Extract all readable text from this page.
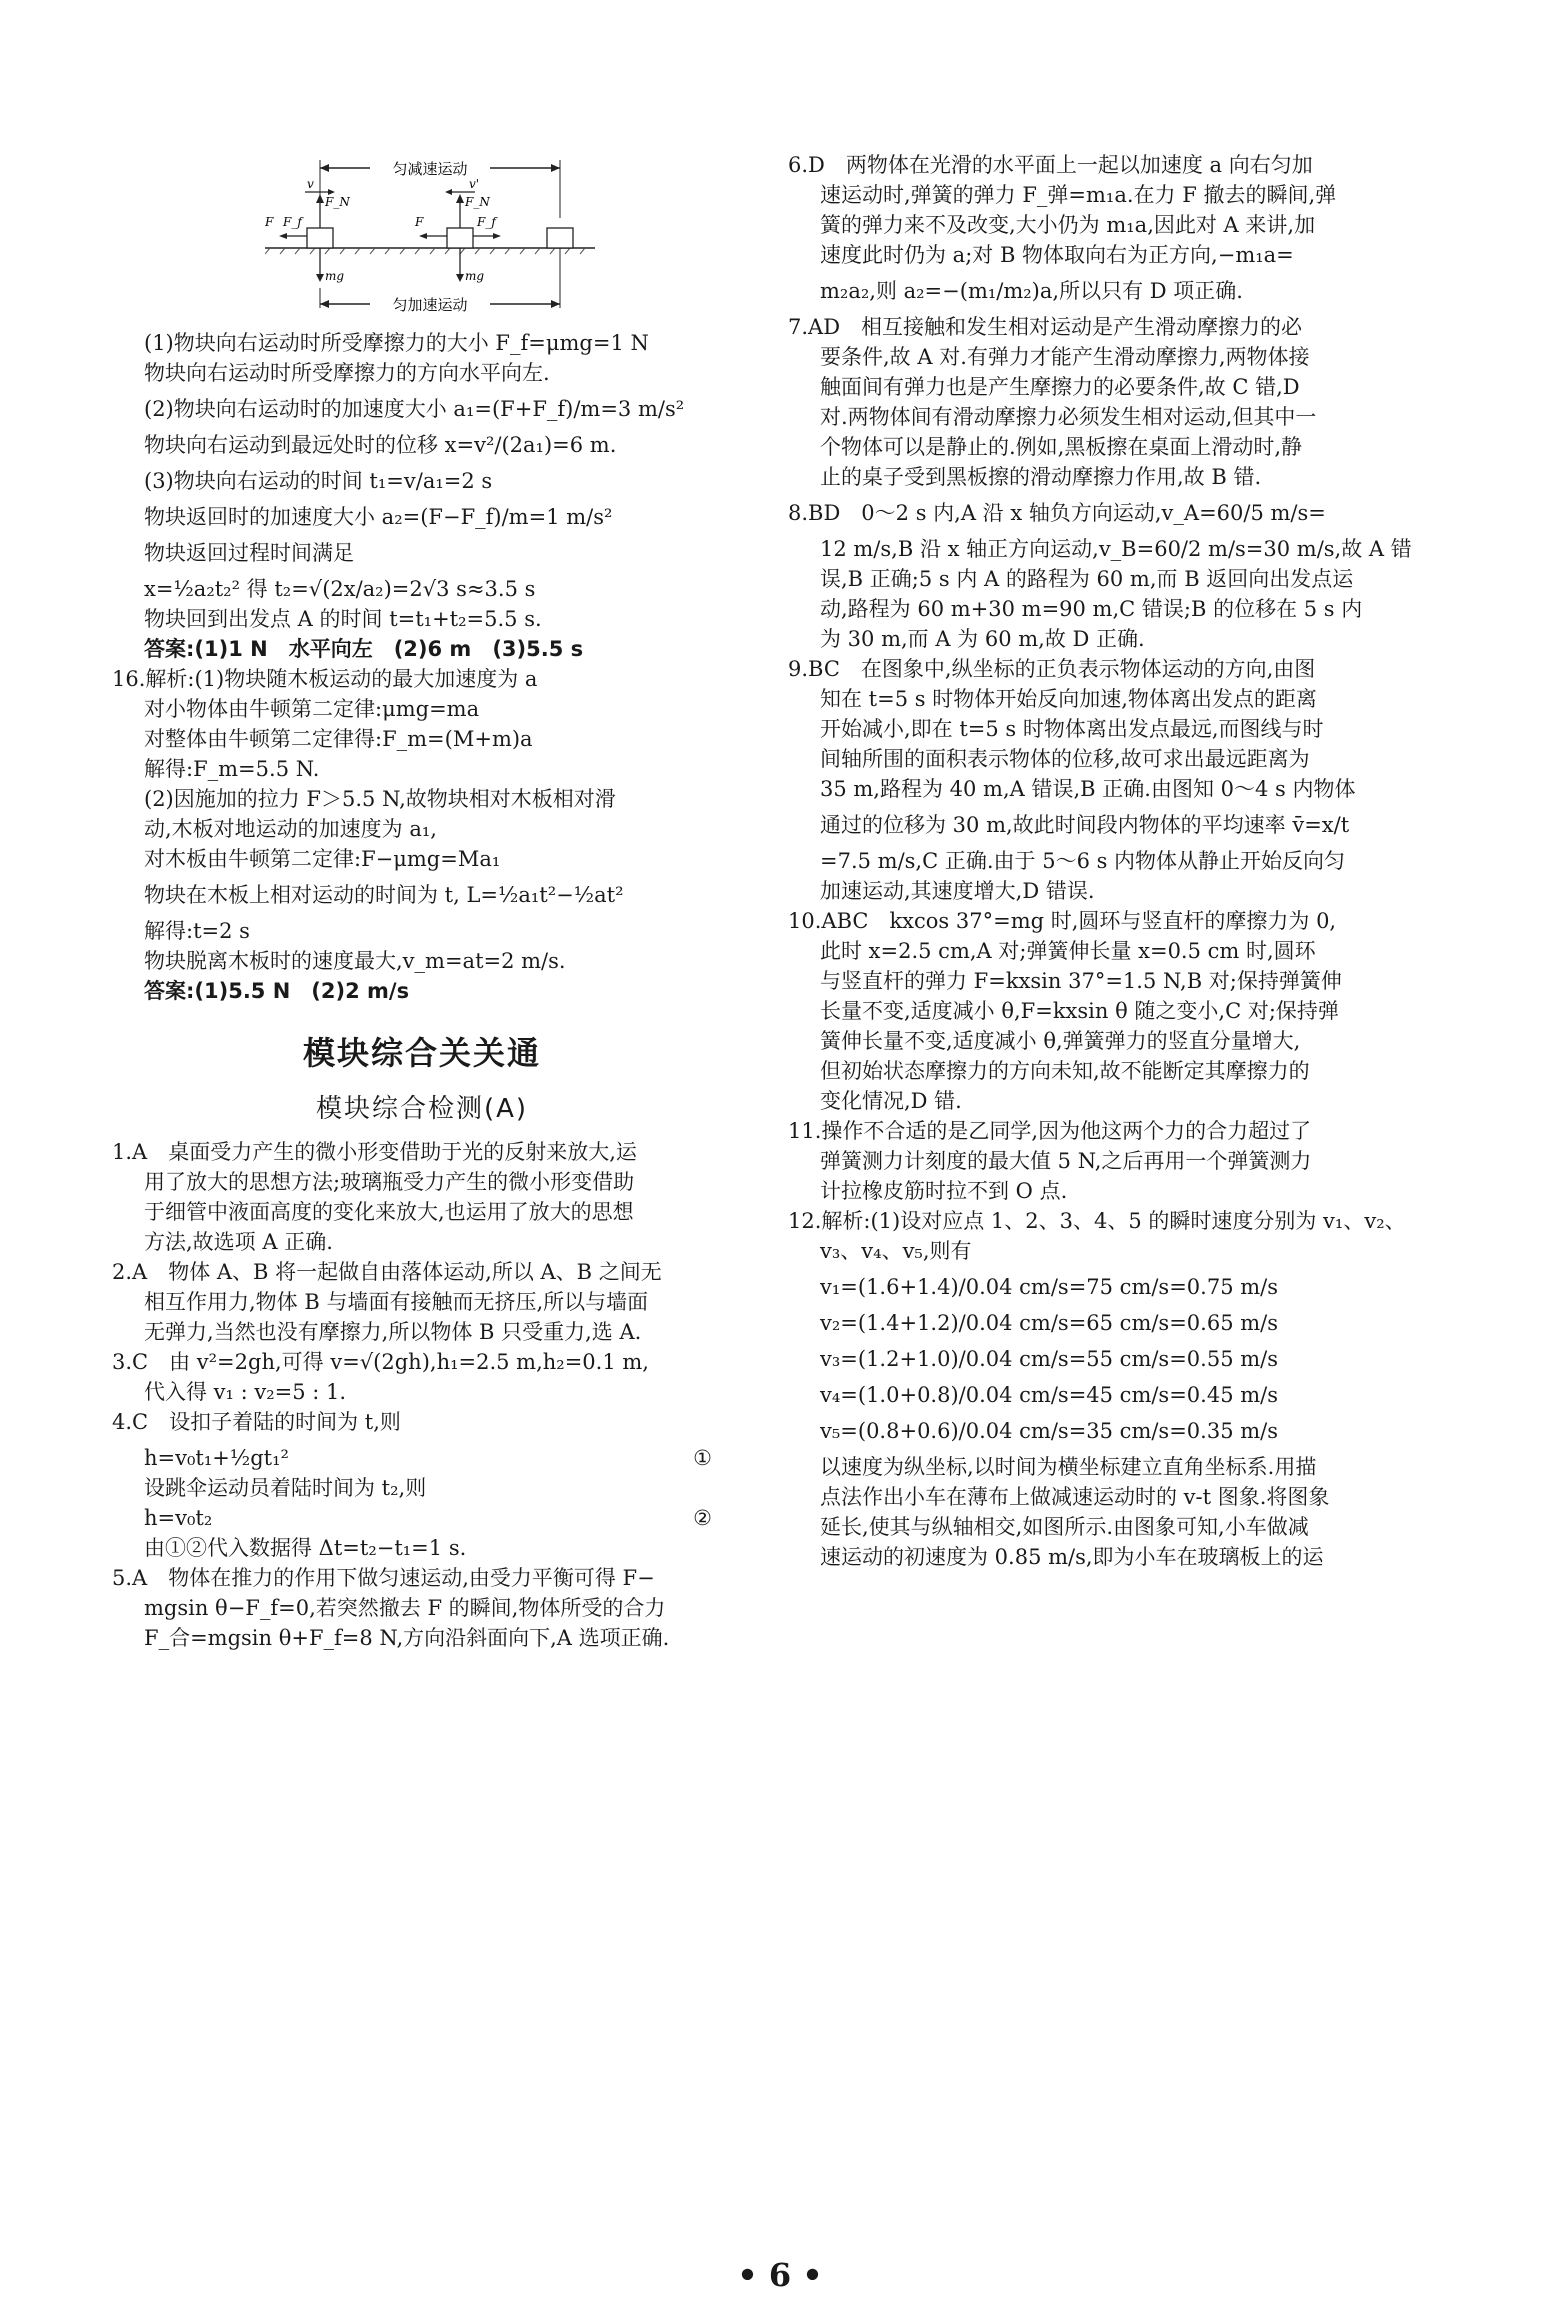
匀减速运动
F_N
v
F F_f
mg
F_N
v'
F	F_f
mg
匀加速运动
(1)物块向右运动时所受摩擦力的大小 F_f=μmg=1 N
物块向右运动时所受摩擦力的方向水平向左.
(2)物块向右运动时的加速度大小 a₁=(F+F_f)/m=3 m/s²
物块向右运动到最远处时的位移 x=v²/(2a₁)=6 m.
(3)物块向右运动的时间 t₁=v/a₁=2 s
物块返回时的加速度大小 a₂=(F−F_f)/m=1 m/s²
物块返回过程时间满足
x=½a₂t₂² 得 t₂=√(2x/a₂)=2√3 s≈3.5 s
物块回到出发点 A 的时间 t=t₁+t₂=5.5 s.
答案:(1)1 N　水平向左　(2)6 m　(3)5.5 s
16.解析:(1)物块随木板运动的最大加速度为 a
对小物体由牛顿第二定律:μmg=ma
对整体由牛顿第二定律得:F_m=(M+m)a
解得:F_m=5.5 N.
(2)因施加的拉力 F＞5.5 N,故物块相对木板相对滑
动,木板对地运动的加速度为 a₁,
对木板由牛顿第二定律:F−μmg=Ma₁
物块在木板上相对运动的时间为 t, L=½a₁t²−½at²
解得:t=2 s
物块脱离木板时的速度最大,v_m=at=2 m/s.
答案:(1)5.5 N　(2)2 m/s
模块综合关关通
模块综合检测(A)
1.A　桌面受力产生的微小形变借助于光的反射来放大,运
用了放大的思想方法;玻璃瓶受力产生的微小形变借助
于细管中液面高度的变化来放大,也运用了放大的思想
方法,故选项 A 正确.
2.A　物体 A、B 将一起做自由落体运动,所以 A、B 之间无
相互作用力,物体 B 与墙面有接触而无挤压,所以与墙面
无弹力,当然也没有摩擦力,所以物体 B 只受重力,选 A.
3.C　由 v²=2gh,可得 v=√(2gh),h₁=2.5 m,h₂=0.1 m,
代入得 v₁ : v₂=5 : 1.
4.C　设扣子着陆的时间为 t,则
h=v₀t₁+½gt₁²	①
设跳伞运动员着陆时间为 t₂,则
h=v₀t₂	②
由①②代入数据得 Δt=t₂−t₁=1 s.
5.A　物体在推力的作用下做匀速运动,由受力平衡可得 F−
mgsin θ−F_f=0,若突然撤去 F 的瞬间,物体所受的合力
F_合=mgsin θ+F_f=8 N,方向沿斜面向下,A 选项正确.
6.D　两物体在光滑的水平面上一起以加速度 a 向右匀加
速运动时,弹簧的弹力 F_弹=m₁a.在力 F 撤去的瞬间,弹
簧的弹力来不及改变,大小仍为 m₁a,因此对 A 来讲,加
速度此时仍为 a;对 B 物体取向右为正方向,−m₁a=
m₂a₂,则 a₂=−(m₁/m₂)a,所以只有 D 项正确.
7.AD　相互接触和发生相对运动是产生滑动摩擦力的必
要条件,故 A 对.有弹力才能产生滑动摩擦力,两物体接
触面间有弹力也是产生摩擦力的必要条件,故 C 错,D
对.两物体间有滑动摩擦力必须发生相对运动,但其中一
个物体可以是静止的.例如,黑板擦在桌面上滑动时,静
止的桌子受到黑板擦的滑动摩擦力作用,故 B 错.
8.BD　0～2 s 内,A 沿 x 轴负方向运动,v_A=60/5 m/s=
12 m/s,B 沿 x 轴正方向运动,v_B=60/2 m/s=30 m/s,故 A 错
误,B 正确;5 s 内 A 的路程为 60 m,而 B 返回向出发点运
动,路程为 60 m+30 m=90 m,C 错误;B 的位移在 5 s 内
为 30 m,而 A 为 60 m,故 D 正确.
9.BC　在图象中,纵坐标的正负表示物体运动的方向,由图
知在 t=5 s 时物体开始反向加速,物体离出发点的距离
开始减小,即在 t=5 s 时物体离出发点最远,而图线与时
间轴所围的面积表示物体的位移,故可求出最远距离为
35 m,路程为 40 m,A 错误,B 正确.由图知 0～4 s 内物体
通过的位移为 30 m,故此时间段内物体的平均速率 v̄=x/t
=7.5 m/s,C 正确.由于 5～6 s 内物体从静止开始反向匀
加速运动,其速度增大,D 错误.
10.ABC　kxcos 37°=mg 时,圆环与竖直杆的摩擦力为 0,
此时 x=2.5 cm,A 对;弹簧伸长量 x=0.5 cm 时,圆环
与竖直杆的弹力 F=kxsin 37°=1.5 N,B 对;保持弹簧伸
长量不变,适度减小 θ,F=kxsin θ 随之变小,C 对;保持弹
簧伸长量不变,适度减小 θ,弹簧弹力的竖直分量增大,
但初始状态摩擦力的方向未知,故不能断定其摩擦力的
变化情况,D 错.
11.操作不合适的是乙同学,因为他这两个力的合力超过了
弹簧测力计刻度的最大值 5 N,之后再用一个弹簧测力
计拉橡皮筋时拉不到 O 点.
12.解析:(1)设对应点 1、2、3、4、5 的瞬时速度分别为 v₁、v₂、
v₃、v₄、v₅,则有
v₁=(1.6+1.4)/0.04 cm/s=75 cm/s=0.75 m/s
v₂=(1.4+1.2)/0.04 cm/s=65 cm/s=0.65 m/s
v₃=(1.2+1.0)/0.04 cm/s=55 cm/s=0.55 m/s
v₄=(1.0+0.8)/0.04 cm/s=45 cm/s=0.45 m/s
v₅=(0.8+0.6)/0.04 cm/s=35 cm/s=0.35 m/s
以速度为纵坐标,以时间为横坐标建立直角坐标系.用描
点法作出小车在薄布上做减速运动时的 v-t 图象.将图象
延长,使其与纵轴相交,如图所示.由图象可知,小车做减
速运动的初速度为 0.85 m/s,即为小车在玻璃板上的运
• 6 •
